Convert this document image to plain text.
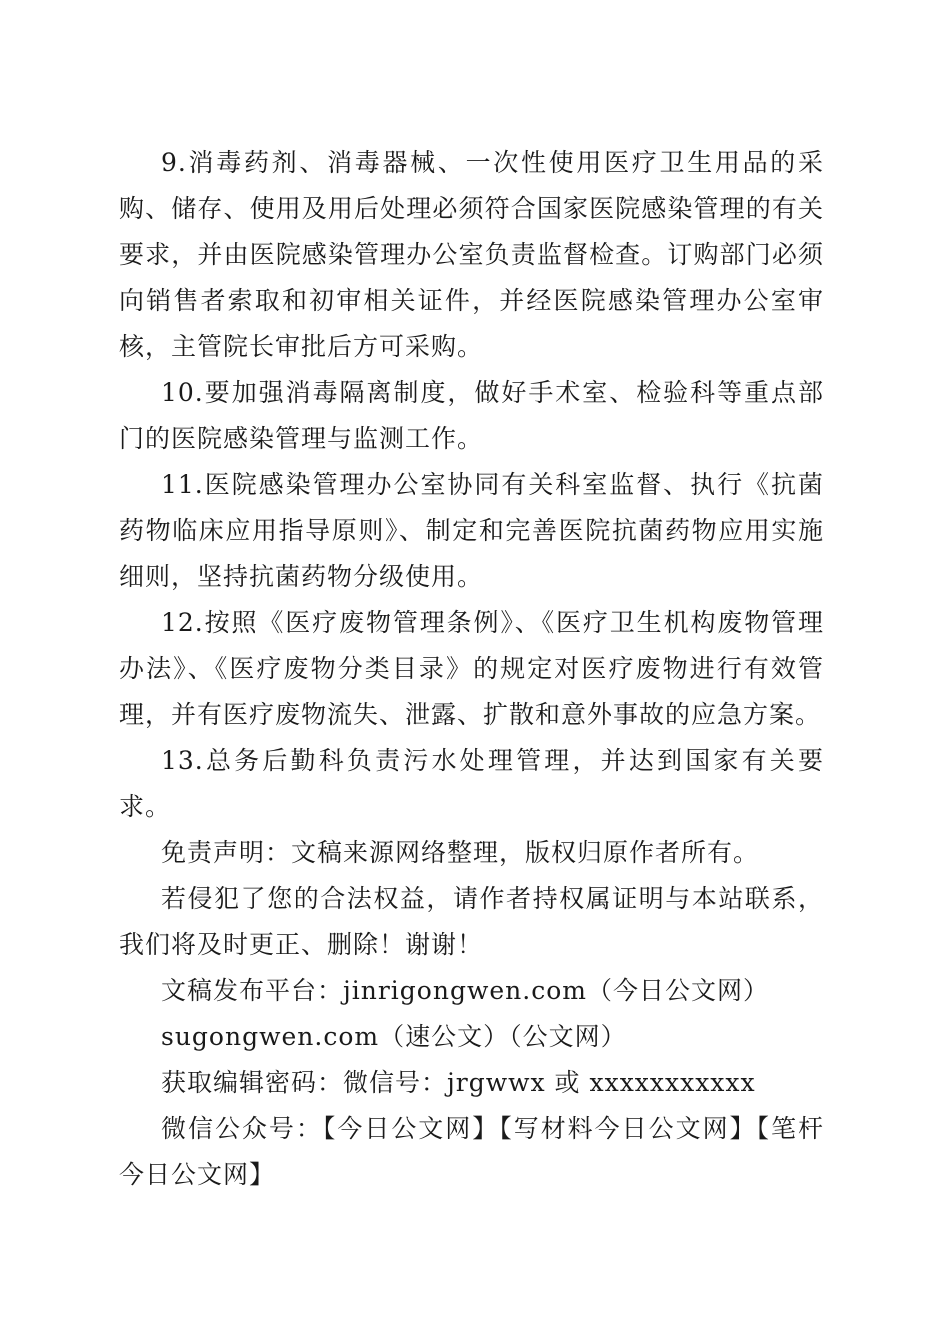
9.消毒药剂、消毒器械、一次性使用医疗卫生用品的采购、储存、使用及用后处理必须符合国家医院感染管理的有关要求，并由医院感染管理办公室负责监督检查。订购部门必须向销售者索取和初审相关证件，并经医院感染管理办公室审核，主管院长审批后方可采购。

10.要加强消毒隔离制度，做好手术室、检验科等重点部门的医院感染管理与监测工作。

11.医院感染管理办公室协同有关科室监督、执行《抗菌药物临床应用指导原则》、制定和完善医院抗菌药物应用实施细则，坚持抗菌药物分级使用。

12.按照《医疗废物管理条例》、《医疗卫生机构废物管理办法》、《医疗废物分类目录》的规定对医疗废物进行有效管理，并有医疗废物流失、泄露、扩散和意外事故的应急方案。

13.总务后勤科负责污水处理管理，并达到国家有关要求。

免责声明：文稿来源网络整理，版权归原作者所有。

若侵犯了您的合法权益，请作者持权属证明与本站联系，我们将及时更正、删除！谢谢！

文稿发布平台：jinrigongwen.com（今日公文网）

sugongwen.com（速公文）（公文网）

获取编辑密码：微信号：jrgwwx 或 xxxxxxxxxxx

微信公众号：【今日公文网】【写材料今日公文网】【笔杆今日公文网】
